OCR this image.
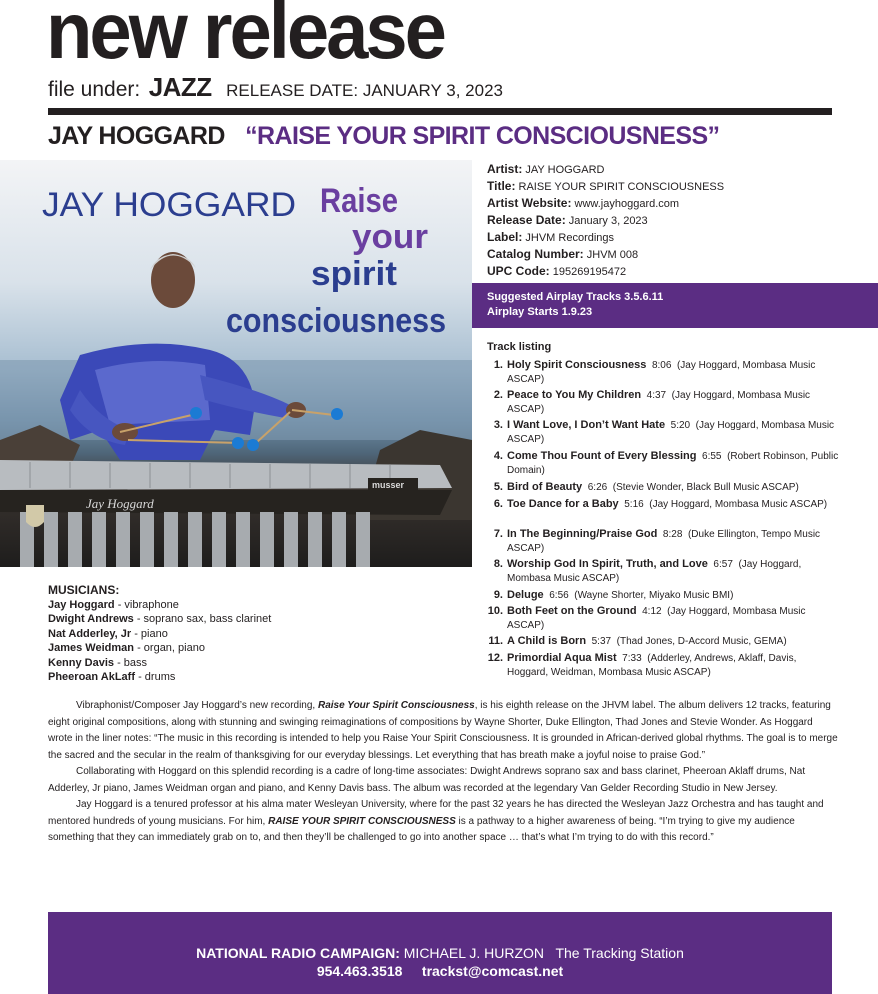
new release
file under: JAZZ RELEASE DATE: JANUARY 3, 2023
JAY HOGGARD “RAISE YOUR SPIRIT CONSCIOUSNESS”
musser
Jay Hoggard
JAY HOGGARD Raise
your
spirit
consciousness
Artist: JAY HOGGARD
Title: RAISE YOUR SPIRIT CONSCIOUSNESS
Artist Website: www.jayhoggard.com
Release Date: January 3, 2023
Label: JHVM Recordings
Catalog Number: JHVM 008
UPC Code: 195269195472
Suggested Airplay Tracks 3.5.6.11
Airplay Starts 1.9.23
Track listing
1. Holy Spirit Consciousness 8:06 (Jay Hoggard, Mombasa Music ASCAP)
2. Peace to You My Children 4:37 (Jay Hoggard, Mombasa Music ASCAP)
3. I Want Love, I Don’t Want Hate 5:20 (Jay Hoggard, Mombasa Music ASCAP)
4. Come Thou Fount of Every Blessing 6:55 (Robert Robinson, Public Domain)
5. Bird of Beauty 6:26 (Stevie Wonder, Black Bull Music ASCAP)
6. Toe Dance for a Baby 5:16 (Jay Hoggard, Mombasa Music ASCAP)
7. In The Beginning/Praise God 8:28 (Duke Ellington, Tempo Music ASCAP)
8. Worship God In Spirit, Truth, and Love 6:57 (Jay Hoggard, Mombasa Music ASCAP)
9. Deluge 6:56 (Wayne Shorter, Miyako Music BMI)
10. Both Feet on the Ground 4:12 (Jay Hoggard, Mombasa Music ASCAP)
11. A Child is Born 5:37 (Thad Jones, D-Accord Music, GEMA)
12. Primordial Aqua Mist 7:33 (Adderley, Andrews, Aklaff, Davis, Hoggard, Weidman, Mombasa Music ASCAP)
MUSICIANS:
Jay Hoggard - vibraphone
Dwight Andrews - soprano sax, bass clarinet
Nat Adderley, Jr - piano
James Weidman - organ, piano
Kenny Davis - bass
Pheeroan AkLaff - drums

Vibraphonist/Composer Jay Hoggard’s new recording, Raise Your Spirit Consciousness, is his eighth release on the JHVM label. The album delivers 12 tracks, featuring eight original compositions, along with stunning and swinging reimaginations of compositions by Wayne Shorter, Duke Ellington, Thad Jones and Stevie Wonder. As Hoggard wrote in the liner notes: “The music in this recording is intended to help you Raise Your Spirit Consciousness. It is grounded in African-derived global rhythms. The goal is to merge the sacred and the secular in the realm of thanksgiving for our everyday blessings. Let everything that has breath make a joyful noise to praise God.”

Collaborating with Hoggard on this splendid recording is a cadre of long-time associates: Dwight Andrews soprano sax and bass clarinet, Pheeroan Aklaff drums, Nat Adderley, Jr piano, James Weidman organ and piano, and Kenny Davis bass. The album was recorded at the legendary Van Gelder Recording Studio in New Jersey.

Jay Hoggard is a tenured professor at his alma mater Wesleyan University, where for the past 32 years he has directed the Wesleyan Jazz Orchestra and has taught and mentored hundreds of young musicians. For him, RAISE YOUR SPIRIT CONSCIOUSNESS is a pathway to a higher awareness of being. “I’m trying to give my audience something that they can immediately grab on to, and then they’ll be challenged to go into another space … that’s what I’m trying to do with this record.”

NATIONAL RADIO CAMPAIGN: MICHAEL J. HURZON The Tracking Station
954.463.3518 trackst@comcast.net
